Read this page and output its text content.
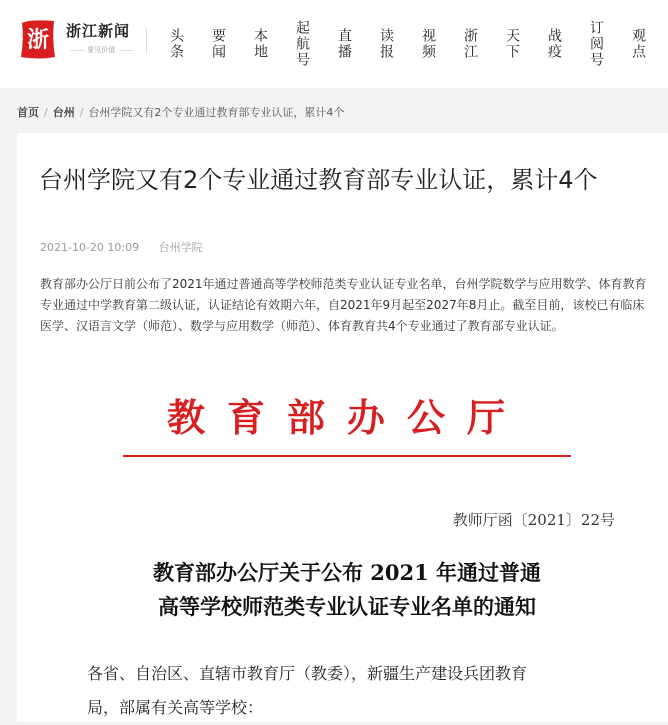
浙 浙江新闻
— — 要见价值 — —	头条	要闻	本地	起航号	直播	读报	视频	浙江	天下	战疫	订阅号	观点
首页 / 台州 / 台州学院又有2个专业通过教育部专业认证，累计4个
台州学院又有2个专业通过教育部专业认证，累计4个
2021-10-20 10:09 台州学院

教育部办公厅日前公布了2021年通过普通高等学校师范类专业认证专业名单，台州学院数学与应用数学、体育教育专业通过中学教育第二级认证，认证结论有效期六年，自2021年9月起至2027年8月止。截至目前，该校已有临床医学、汉语言文学（师范）、数学与应用数学（师范）、体育教育共4个专业通过了教育部专业认证。

教育部办公厅
教师厅函〔2021〕22号
教育部办公厅关于公布 2021 年通过普通
高等学校师范类专业认证专业名单的通知
各省、自治区、直辖市教育厅（教委），新疆生产建设兵团教育
局，部属有关高等学校：
